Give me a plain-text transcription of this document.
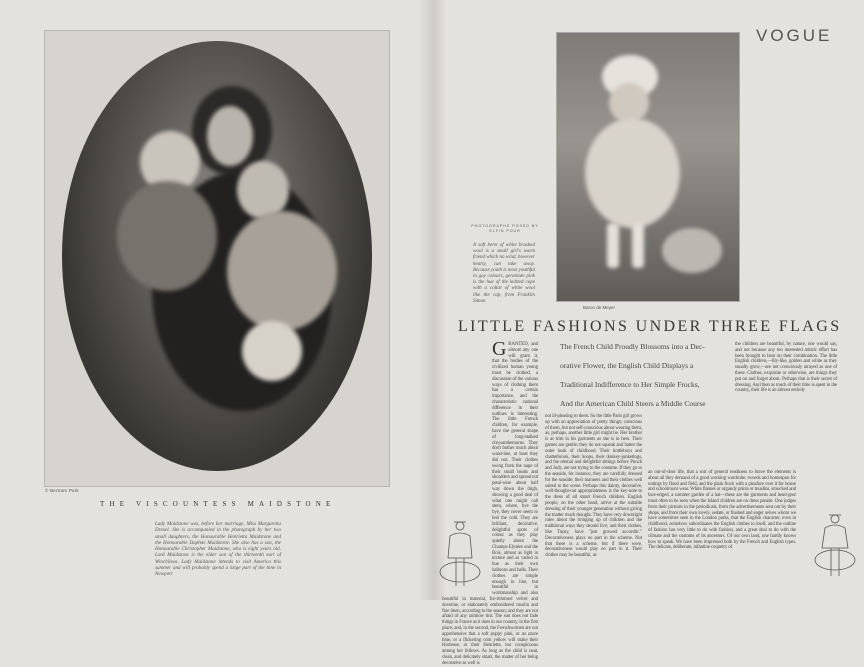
© Bertram Park
THE VISCOUNTESS MAIDSTONE
Lady Maidstone was, before her marriage, Miss Margaretta Drexel. She is accompanied in the photograph by her two small daughters, the Honourable Henrietta Maidstone and the Honourable Daphne Maidstone. She also has a son, the Honourable Christopher Maidstone, who is eight years old. Lord Maidstone is the elder son of the thirteenth earl of Winchilsea. Lady Maidstone intends to visit America this summer and will probably spend a large part of the time in Newport
VOGUE
Baron de Meyer
PHOTOGRAPHS POSED BY ELFIN FOUR
A soft beret of white brushed wool is a small girl's warm friend which no wind, however hearty, can take away. Because youth is most youthful in gay colours, geranium pink is the hue of the knitted cape with a collar of white wool like the cap, from Franklin Simon
LITTLE FASHIONS UNDER THREE FLAGS
The French Child Proudly Blossoms into a Dec-
orative Flower, the English Child Displays a
Traditional Indifference to Her Simple Frocks,
And the American Child Steers a Middle Course
GRANTED, and almost any one will grant it, that the bodies of the civilized human young must be clothed, a discussion of the various ways of clothing them has a certain importance, and the characteristic national difference in their outlines is interesting. The little French children, for example, have the general shape of long-stalked chrysanthemums. They don't bother much about waist-line, at least they did not. Their clothes swing from the nape of their small heads and shoulders and spread out petal-wise about half way down the thigh, showing a good deal of what one might call stem, where, bye the bye, they never seem to feel the cold. They are brilliant, decorative, delightful spots of colour as they play quietly about the Champs Elysées and the Bois, almost as light in texture and as varied in hue as their own balloons and balls. Their clothes are simple enough in line, but beautiful in workmanship and also beautiful in material, fur-trimmed velvet and duvetine, or elaborately embroidered muslin and fine linen, according to the season; and they are not afraid of any rainbow tint. The sun does not fade things in France as it does in our country, in the first place; and, in the second, the Frenchwomen are not apprehensive that a soft poppy pink, or an azure blue, or a flickering corn yellow will make their Hortense, or their Henriette, too conspicuous among her fellows. As long as the child is neat, clean, and delicately smart, the matter of her being decorative as well is
not ill-pleasing to them. So the little Paris girl grows up with an appreciation of pretty things; conscious of them, but not self-conscious about wearing them, as, perhaps, another little girl might be. Her brother is as trim in his garments as she is in hers. Their games are gentle; they do not squeak and batter the outer husk of childhood. Their bottleboys and chatterbrook, their hoops, their donkey-junketings, and the eternal and delightful sittings before Punch and Judy, are not trying to the costume. If they go to the seaside, for instance, they are carefully dressed for the seaside; their manners and their clothes well suited to the scene. Perhaps this dainty, decorative, well-thought-out appropriateness is the key-note to the dress of all smart French children. English people, on the other hand, arrive at the suitable dressing of their younger generation without giving the matter much thought. They have very downright rules about the bringing up of children and the traditional ways they should live; and their clothes, like Topsy, have "just growed accordin'." Decorativeness plays no part in the scheme. Not that there is a scheme, but if there were, decorativeness would play no part in it. Their clothes may be beautiful, as
the children are beautiful, by nature, one would say, and not because any too interested artistic effort has been brought to bear on their combination. The little English children,—lily-like, golden and white as they usually grow,—are not consciously arrayed as one of these. Clothes, exquisite or otherwise, are things they put on and forget about. Perhaps that is their secret of dressing. And then as much of their time is spent in the country, their life is an almost entirely
an out-of-door life, that a sort of general readiness to brave the elements is about all they demand of a good working wardrobe; tweeds and homespun for outings by flood and field, and the plain frock with a pinafore over it for house and schoolroom wear. White flannel or organdy prints or muslins, smocked and face-edged, a summer garden of a hat—these are the garments and head-gear most often to be seen when the Island children are on dress parade. One judges from their pictures in the periodicals, from the advertisements sent out by their shops, and from their own lovely, sedate, or flushed and eager selves whom we have sometimes seen in the London parks, that the English character, even in childhood, somehow subordinates the English clothes to itself, and the outline of fashion has very little to do with fashion, and a great deal to do with the climate and the customs of its ancestors. Of our own land, one hardly knows how to speak. We have been impressed both by the French and English types. The delicate, deliberate, infantine coquetry of
